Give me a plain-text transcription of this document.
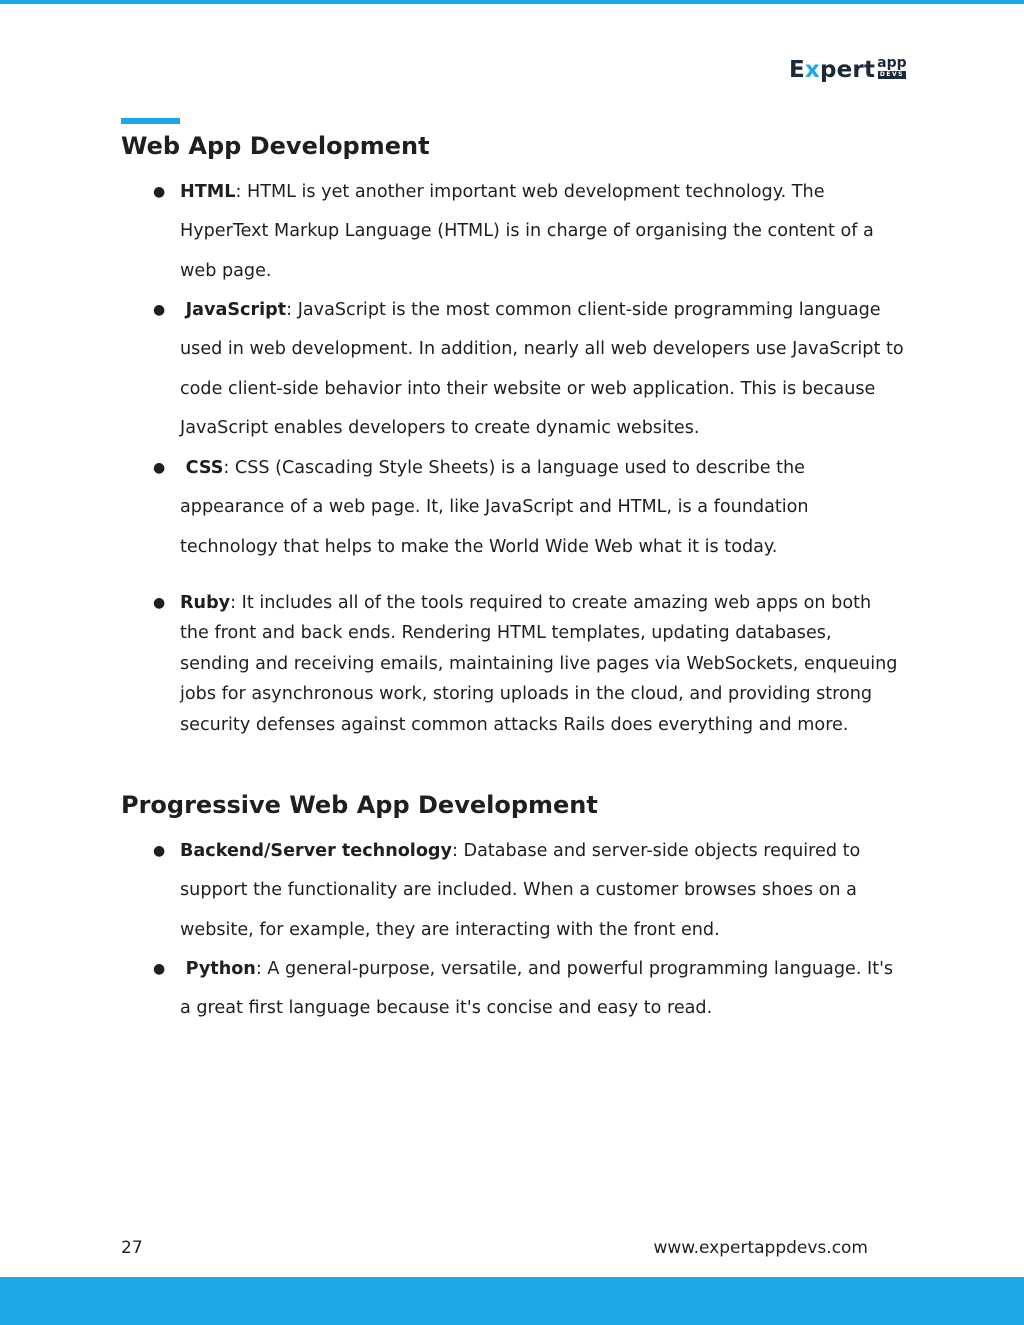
Expert app
DEVS
Web App Development
● HTML: HTML is yet another important web development technology. The HyperText Markup Language (HTML) is in charge of organising the content of a web page.
● JavaScript: JavaScript is the most common client-side programming language used in web development. In addition, nearly all web developers use JavaScript to code client-side behavior into their website or web application. This is because JavaScript enables developers to create dynamic websites.
● CSS: CSS (Cascading Style Sheets) is a language used to describe the appearance of a web page. It, like JavaScript and HTML, is a foundation technology that helps to make the World Wide Web what it is today.
● Ruby: It includes all of the tools required to create amazing web apps on both the front and back ends. Rendering HTML templates, updating databases, sending and receiving emails, maintaining live pages via WebSockets, enqueuing jobs for asynchronous work, storing uploads in the cloud, and providing strong security defenses against common attacks Rails does everything and more.
Progressive Web App Development
● Backend/Server technology: Database and server-side objects required to support the functionality are included. When a customer browses shoes on a website, for example, they are interacting with the front end.
● Python: A general-purpose, versatile, and powerful programming language. It's a great first language because it's concise and easy to read.
27	www.expertappdevs.com
